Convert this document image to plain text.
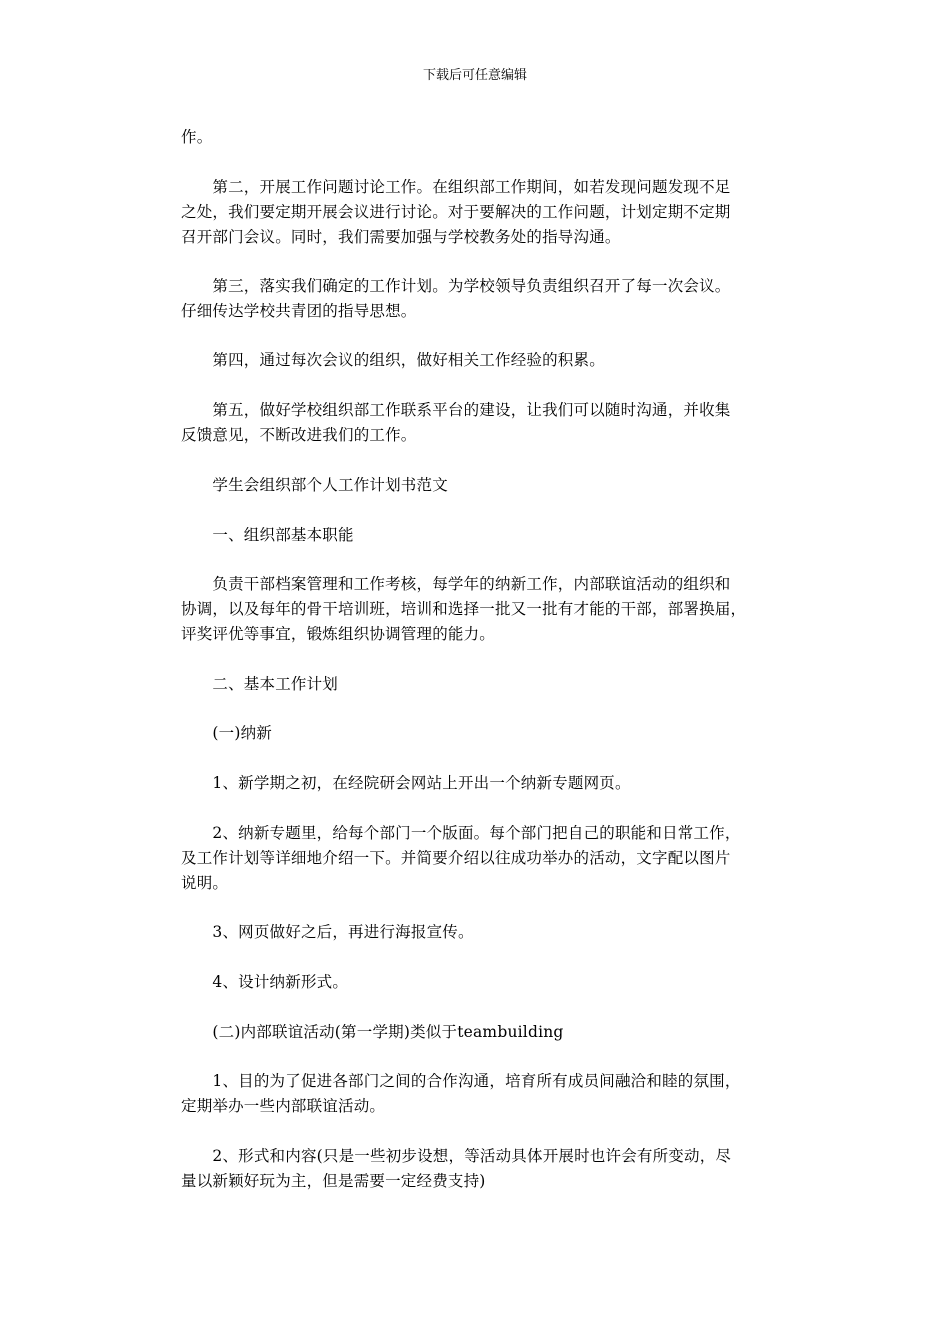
下载后可任意编辑

作。

　　第二，开展工作问题讨论工作。在组织部工作期间，如若发现问题发现不足
之处，我们要定期开展会议进行讨论。对于要解决的工作问题，计划定期不定期
召开部门会议。同时，我们需要加强与学校教务处的指导沟通。

　　第三，落实我们确定的工作计划。为学校领导负责组织召开了每一次会议。
仔细传达学校共青团的指导思想。

　　第四，通过每次会议的组织，做好相关工作经验的积累。

　　第五，做好学校组织部工作联系平台的建设，让我们可以随时沟通，并收集
反馈意见，不断改进我们的工作。

　　学生会组织部个人工作计划书范文

　　一、组织部基本职能

　　负责干部档案管理和工作考核，每学年的纳新工作，内部联谊活动的组织和
协调，以及每年的骨干培训班，培训和选择一批又一批有才能的干部，部署换届，
评奖评优等事宜，锻炼组织协调管理的能力。

　　二、基本工作计划

　　(一)纳新

　　1、新学期之初，在经院研会网站上开出一个纳新专题网页。

　　2、纳新专题里，给每个部门一个版面。每个部门把自己的职能和日常工作，
及工作计划等详细地介绍一下。并简要介绍以往成功举办的活动，文字配以图片
说明。

　　3、网页做好之后，再进行海报宣传。

　　4、设计纳新形式。

　　(二)内部联谊活动(第一学期)类似于teambuilding

　　1、目的为了促进各部门之间的合作沟通，培育所有成员间融洽和睦的氛围，
定期举办一些内部联谊活动。

　　2、形式和内容(只是一些初步设想，等活动具体开展时也许会有所变动，尽
量以新颖好玩为主，但是需要一定经费支持)
